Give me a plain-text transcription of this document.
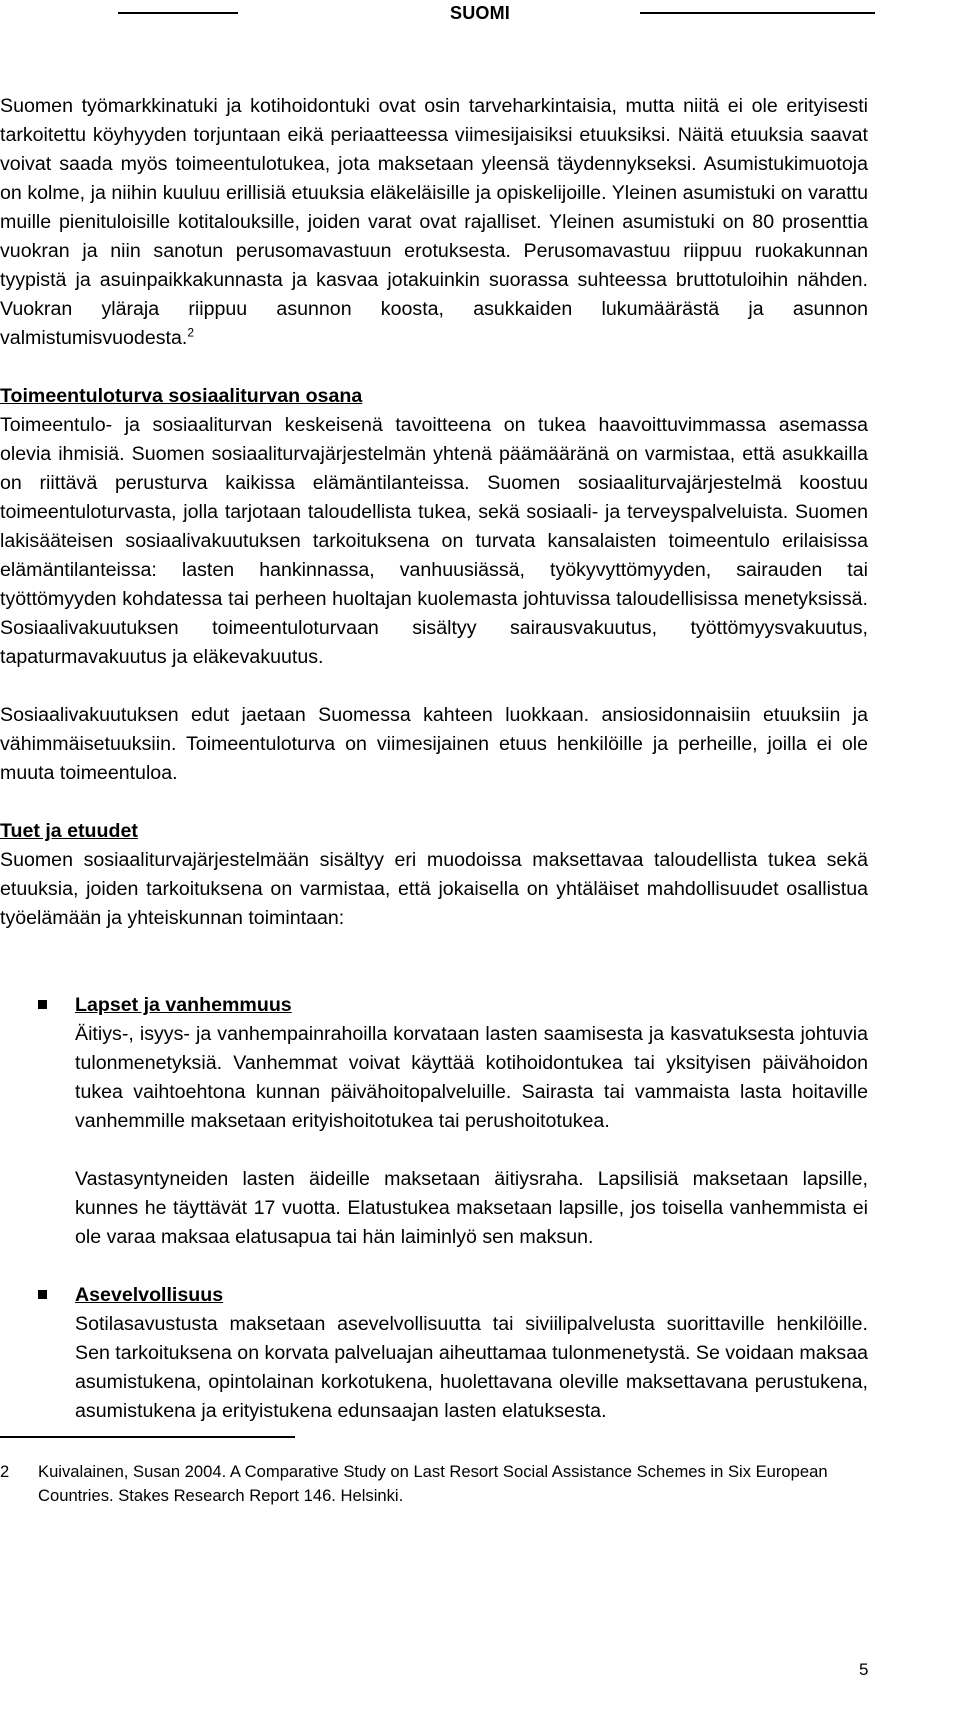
SUOMI

Suomen työmarkkinatuki ja kotihoidontuki ovat osin tarveharkintaisia, mutta niitä ei ole erityisesti tarkoitettu köyhyyden torjuntaan eikä periaatteessa viimesijaisiksi etuuksiksi. Näitä etuuksia saavat voivat saada myös toimeentulotukea, jota maksetaan yleensä täydennykseksi. Asumistukimuotoja on kolme, ja niihin kuuluu erillisiä etuuksia eläkeläisille ja opiskelijoille. Yleinen asumistuki on varattu muille pienituloisille kotitalouksille, joiden varat ovat rajalliset. Yleinen asumistuki on 80 prosenttia vuokran ja niin sanotun perusomavastuun erotuksesta. Perusomavastuu riippuu ruokakunnan tyypistä ja asuinpaikkakunnasta ja kasvaa jotakuinkin suorassa suhteessa bruttotuloihin nähden. Vuokran yläraja riippuu asunnon koosta, asukkaiden lukumäärästä ja asunnon valmistumisvuodesta.$^2$

Toimeentuloturva sosiaaliturvan osana

Toimeentulo- ja sosiaaliturvan keskeisenä tavoitteena on tukea haavoittuvimmassa asemassa olevia ihmisiä. Suomen sosiaaliturvajärjestelmän yhtenä päämääränä on varmistaa, että asukkailla on riittävä perusturva kaikissa elämäntilanteissa. Suomen sosiaaliturvajärjestelmä koostuu toimeentuloturvasta, jolla tarjotaan taloudellista tukea, sekä sosiaali- ja terveyspalveluista. Suomen lakisääteisen sosiaalivakuutuksen tarkoituksena on turvata kansalaisten toimeentulo erilaisissa elämäntilanteissa: lasten hankinnassa, vanhuusiässä, työkyvyttömyyden, sairauden tai työttömyyden kohdatessa tai perheen huoltajan kuolemasta johtuvissa taloudellisissa menetyksissä. Sosiaalivakuutuksen toimeentuloturvaan sisältyy sairausvakuutus, työttömyysvakuutus, tapaturmavakuutus ja eläkevakuutus.

Sosiaalivakuutuksen edut jaetaan Suomessa kahteen luokkaan. ansiosidonnaisiin etuuksiin ja vähimmäisetuuksiin. Toimeentuloturva on viimesijainen etuus henkilöille ja perheille, joilla ei ole muuta toimeentuloa.

Tuet ja etuudet

Suomen sosiaaliturvajärjestelmään sisältyy eri muodoissa maksettavaa taloudellista tukea sekä etuuksia, joiden tarkoituksena on varmistaa, että jokaisella on yhtäläiset mahdollisuudet osallistua työelämään ja yhteiskunnan toimintaan:

Lapset ja vanhemmuus

Äitiys-, isyys- ja vanhempainrahoilla korvataan lasten saamisesta ja kasvatuksesta johtuvia tulonmenetyksiä. Vanhemmat voivat käyttää kotihoidontukea tai yksityisen päivähoidon tukea vaihtoehtona kunnan päivähoitopalveluille. Sairasta tai vammaista lasta hoitaville vanhemmille maksetaan erityishoitotukea tai perushoitotukea.

Vastasyntyneiden lasten äideille maksetaan äitiysraha. Lapsilisiä maksetaan lapsille, kunnes he täyttävät 17 vuotta. Elatustukea maksetaan lapsille, jos toisella vanhemmista ei ole varaa maksaa elatusapua tai hän laiminlyö sen maksun.

Asevelvollisuus

Sotilasavustusta maksetaan asevelvollisuutta tai siviilipalvelusta suorittaville henkilöille. Sen tarkoituksena on korvata palveluajan aiheuttamaa tulonmenetystä. Se voidaan maksaa asumistukena, opintolainan korkotukena, huolettavana oleville maksettavana perustukena, asumistukena ja erityistukena edunsaajan lasten elatuksesta.

2 Kuivalainen, Susan 2004. A Comparative Study on Last Resort Social Assistance Schemes in Six European Countries. Stakes Research Report 146. Helsinki.
5
